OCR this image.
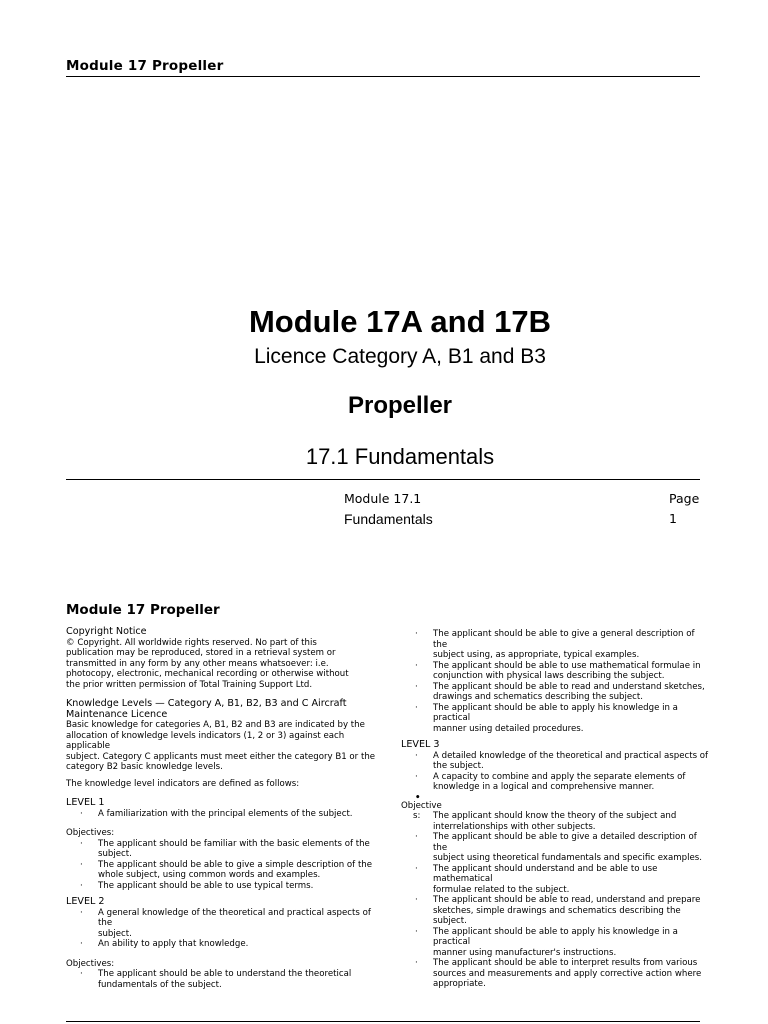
Module 17 Propeller
Module 17A and 17B
Licence Category A, B1 and B3
Propeller
17.1 Fundamentals
Module 17.1
Fundamentals
Page
1
Module 17 Propeller

Copyright Notice

© Copyright. All worldwide rights reserved. No part of this

publication may be reproduced, stored in a retrieval system or

transmitted in any form by any other means whatsoever: i.e.

photocopy, electronic, mechanical recording or otherwise without

the prior written permission of Total Training Support Ltd.

Knowledge Levels — Category A, B1, B2, B3 and C Aircraft

Maintenance Licence

Basic knowledge for categories A, B1, B2 and B3 are indicated by the

allocation of knowledge levels indicators (1, 2 or 3) against each applicable

subject. Category C applicants must meet either the category B1 or the

category B2 basic knowledge levels.

The knowledge level indicators are defined as follows:

LEVEL 1

· A familiarization with the principal elements of the subject.

Objectives:

· The applicant should be familiar with the basic elements of the

subject.

· The applicant should be able to give a simple description of the

whole subject, using common words and examples.

· The applicant should be able to use typical terms.

LEVEL 2

· A general knowledge of the theoretical and practical aspects of the

subject.

· An ability to apply that knowledge.

Objectives:

· The applicant should be able to understand the theoretical

fundamentals of the subject.

· The applicant should be able to give a general description of the

subject using, as appropriate, typical examples.

· The applicant should be able to use mathematical formulae in

conjunction with physical laws describing the subject.

· The applicant should be able to read and understand sketches,

drawings and schematics describing the subject.

· The applicant should be able to apply his knowledge in a practical

manner using detailed procedures.

LEVEL 3

· A detailed knowledge of the theoretical and practical aspects of

the subject.

· A capacity to combine and apply the separate elements of

knowledge in a logical and comprehensive manner.

•

Objective

s: The applicant should know the theory of the subject and

interrelationships with other subjects.

· The applicant should be able to give a detailed description of the

subject using theoretical fundamentals and specific examples.

· The applicant should understand and be able to use mathematical

formulae related to the subject.

· The applicant should be able to read, understand and prepare

sketches, simple drawings and schematics describing the subject.

· The applicant should be able to apply his knowledge in a practical

manner using manufacturer's instructions.

· The applicant should be able to interpret results from various

sources and measurements and apply corrective action where

appropriate.
